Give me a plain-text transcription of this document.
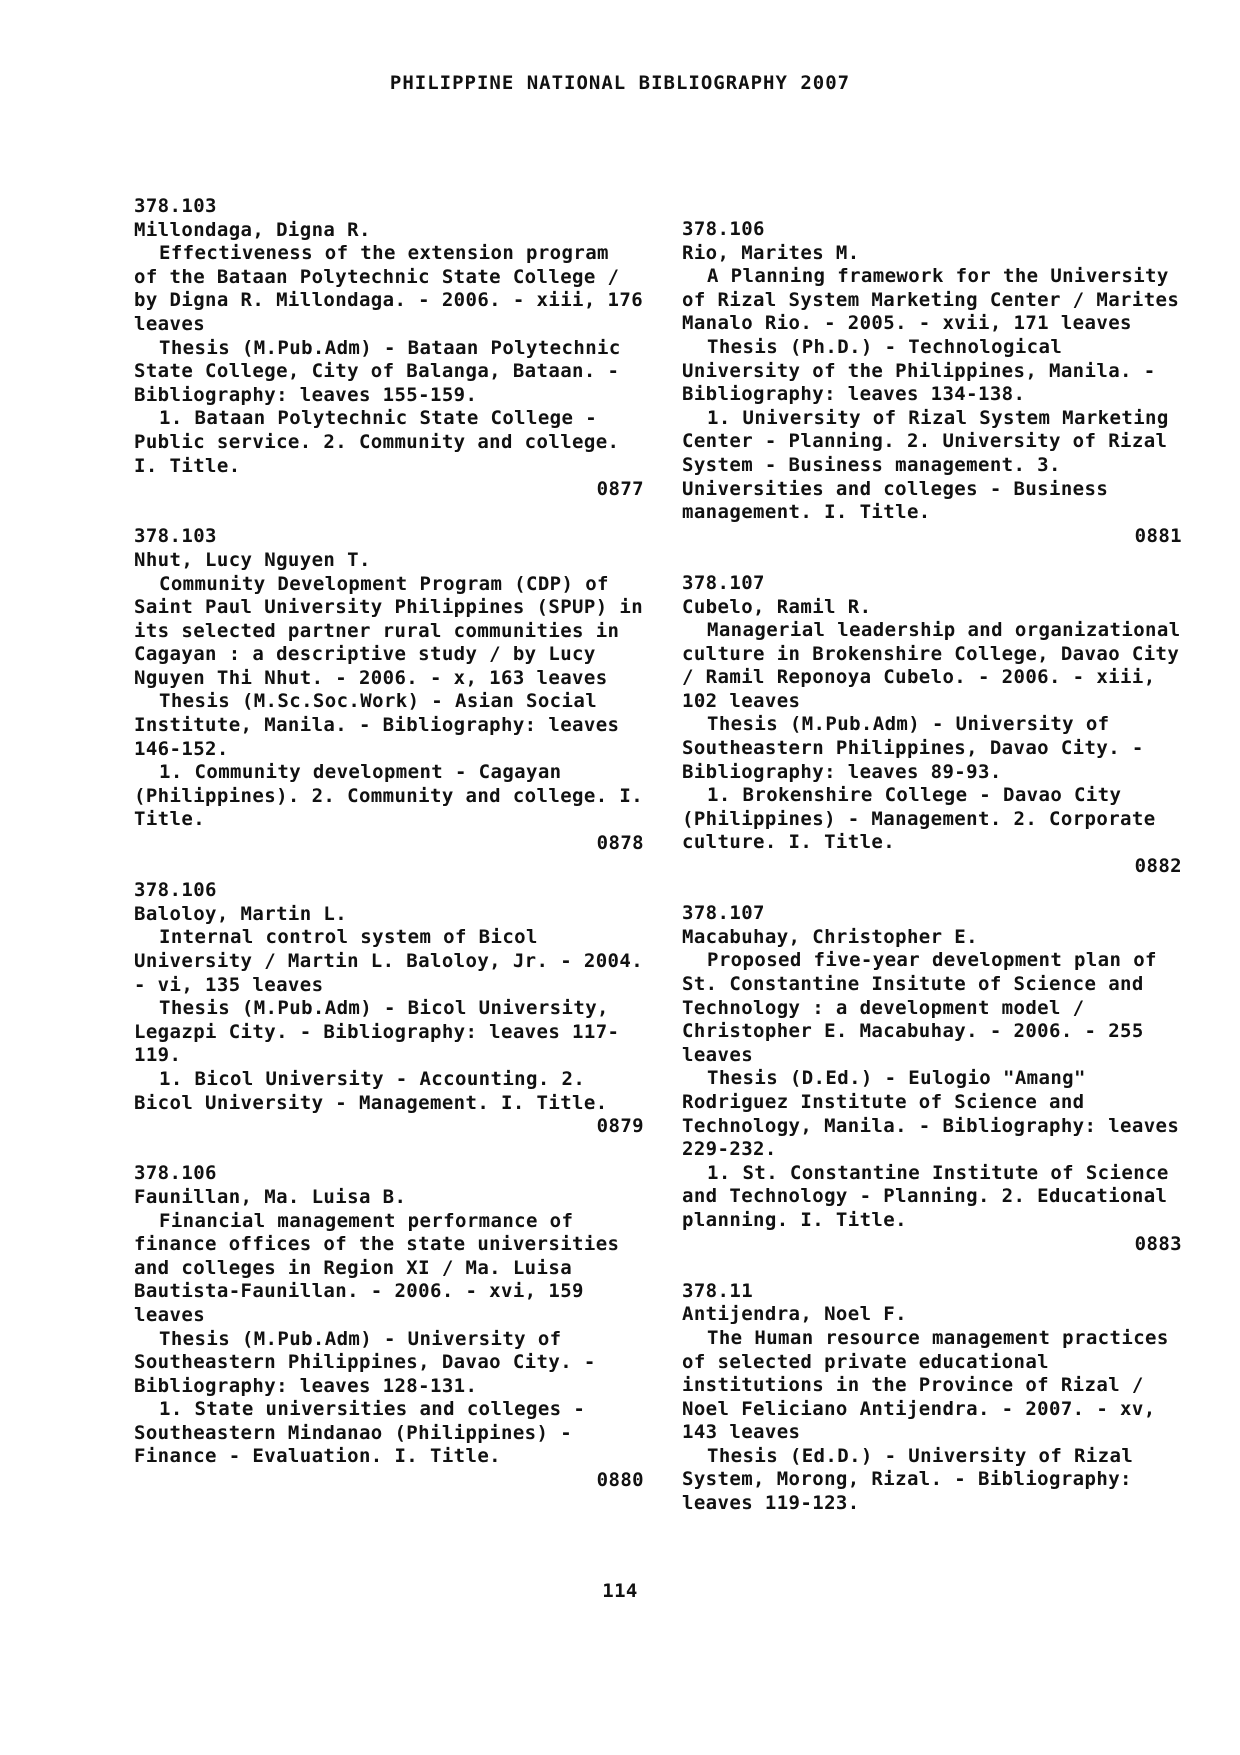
PHILIPPINE NATIONAL BIBLIOGRAPHY 2007

378.103

Millondaga, Digna R.

Effectiveness of the extension program of the Bataan Polytechnic State College / by Digna R. Millondaga. - 2006. - xiii, 176 leaves

Thesis (M.Pub.Adm) - Bataan Polytechnic State College, City of Balanga, Bataan. - Bibliography: leaves 155-159.

1. Bataan Polytechnic State College - Public service. 2. Community and college. I. Title.

0877

378.103

Nhut, Lucy Nguyen T.

Community Development Program (CDP) of Saint Paul University Philippines (SPUP) in its selected partner rural communities in Cagayan : a descriptive study / by Lucy Nguyen Thi Nhut. - 2006. - x, 163 leaves

Thesis (M.Sc.Soc.Work) - Asian Social Institute, Manila. - Bibliography: leaves 146-152.

1. Community development - Cagayan (Philippines). 2. Community and college. I. Title.

0878

378.106

Baloloy, Martin L.

Internal control system of Bicol University / Martin L. Baloloy, Jr. - 2004. - vi, 135 leaves

Thesis (M.Pub.Adm) - Bicol University, Legazpi City. - Bibliography: leaves 117-119.

1. Bicol University - Accounting. 2. Bicol University - Management. I. Title.

0879

378.106

Faunillan, Ma. Luisa B.

Financial management performance of finance offices of the state universities and colleges in Region XI / Ma. Luisa Bautista-Faunillan. - 2006. - xvi, 159 leaves

Thesis (M.Pub.Adm) - University of Southeastern Philippines, Davao City. - Bibliography: leaves 128-131.

1. State universities and colleges - Southeastern Mindanao (Philippines) - Finance - Evaluation. I. Title.

0880

378.106

Rio, Marites M.

A Planning framework for the University of Rizal System Marketing Center / Marites Manalo Rio. - 2005. - xvii, 171 leaves

Thesis (Ph.D.) - Technological University of the Philippines, Manila. - Bibliography: leaves 134-138.

1. University of Rizal System Marketing Center - Planning. 2. University of Rizal System - Business management. 3. Universities and colleges - Business management. I. Title.

0881

378.107

Cubelo, Ramil R.

Managerial leadership and organizational culture in Brokenshire College, Davao City / Ramil Reponoya Cubelo. - 2006. - xiii, 102 leaves

Thesis (M.Pub.Adm) - University of Southeastern Philippines, Davao City. - Bibliography: leaves 89-93.

1. Brokenshire College - Davao City (Philippines) - Management. 2. Corporate culture. I. Title.

0882

378.107

Macabuhay, Christopher E.

Proposed five-year development plan of St. Constantine Insitute of Science and Technology : a development model / Christopher E. Macabuhay. - 2006. - 255 leaves

Thesis (D.Ed.) - Eulogio "Amang" Rodriguez Institute of Science and Technology, Manila. - Bibliography: leaves 229-232.

1. St. Constantine Institute of Science and Technology - Planning. 2. Educational planning. I. Title.

0883

378.11

Antijendra, Noel F.

The Human resource management practices of selected private educational institutions in the Province of Rizal / Noel Feliciano Antijendra. - 2007. - xv, 143 leaves

Thesis (Ed.D.) - University of Rizal System, Morong, Rizal. - Bibliography: leaves 119-123.

114
